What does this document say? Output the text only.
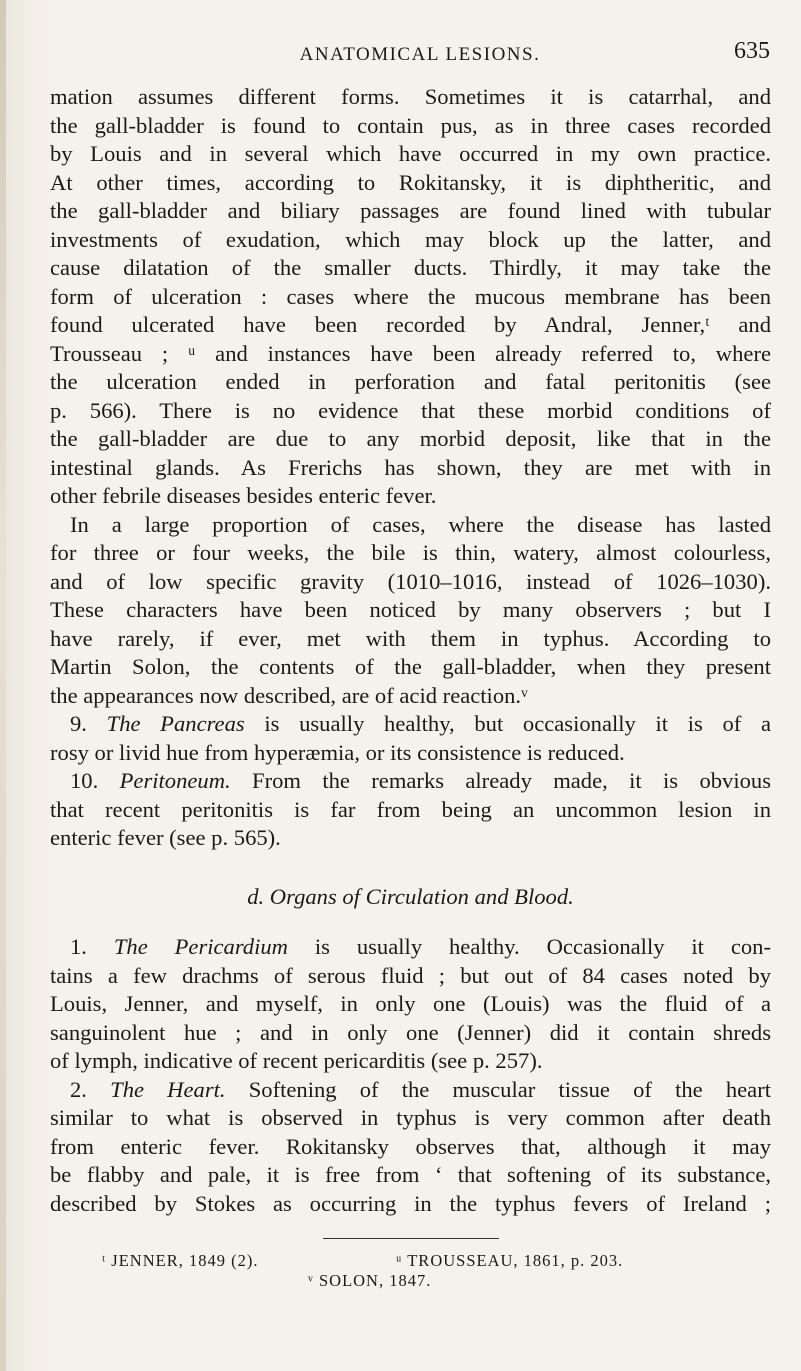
ANATOMICAL LESIONS.	635
mation assumes different forms. Sometimes it is catarrhal, and
the gall-bladder is found to contain pus, as in three cases recorded
by Louis and in several which have occurred in my own practice.
At other times, according to Rokitansky, it is diphtheritic, and
the gall-bladder and biliary passages are found lined with tubular
investments of exudation, which may block up the latter, and
cause dilatation of the smaller ducts. Thirdly, it may take the
form of ulceration : cases where the mucous membrane has been
found ulcerated have been recorded by Andral, Jenner,ᵗ and
Trousseau ; ᵘ and instances have been already referred to, where
the ulceration ended in perforation and fatal peritonitis (see
p. 566). There is no evidence that these morbid conditions of
the gall-bladder are due to any morbid deposit, like that in the
intestinal glands. As Frerichs has shown, they are met with in
other febrile diseases besides enteric fever.
In a large proportion of cases, where the disease has lasted
for three or four weeks, the bile is thin, watery, almost colourless,
and of low specific gravity (1010–1016, instead of 1026–1030).
These characters have been noticed by many observers ; but I
have rarely, if ever, met with them in typhus. According to
Martin Solon, the contents of the gall-bladder, when they present
the appearances now described, are of acid reaction.ᵛ
9. The Pancreas is usually healthy, but occasionally it is of a
rosy or livid hue from hyperæmia, or its consistence is reduced.
10. Peritoneum. From the remarks already made, it is obvious
that recent peritonitis is far from being an uncommon lesion in
enteric fever (see p. 565).
d. Organs of Circulation and Blood.
1. The Pericardium is usually healthy. Occasionally it con-
tains a few drachms of serous fluid ; but out of 84 cases noted by
Louis, Jenner, and myself, in only one (Louis) was the fluid of a
sanguinolent hue ; and in only one (Jenner) did it contain shreds
of lymph, indicative of recent pericarditis (see p. 257).
2. The Heart. Softening of the muscular tissue of the heart
similar to what is observed in typhus is very common after death
from enteric fever. Rokitansky observes that, although it may
be flabby and pale, it is free from ‘ that softening of its substance,
described by Stokes as occurring in the typhus fevers of Ireland ;
ᵗ JENNER, 1849 (2).	ᵘ TROUSSEAU, 1861, p. 203.
ᵛ SOLON, 1847.
